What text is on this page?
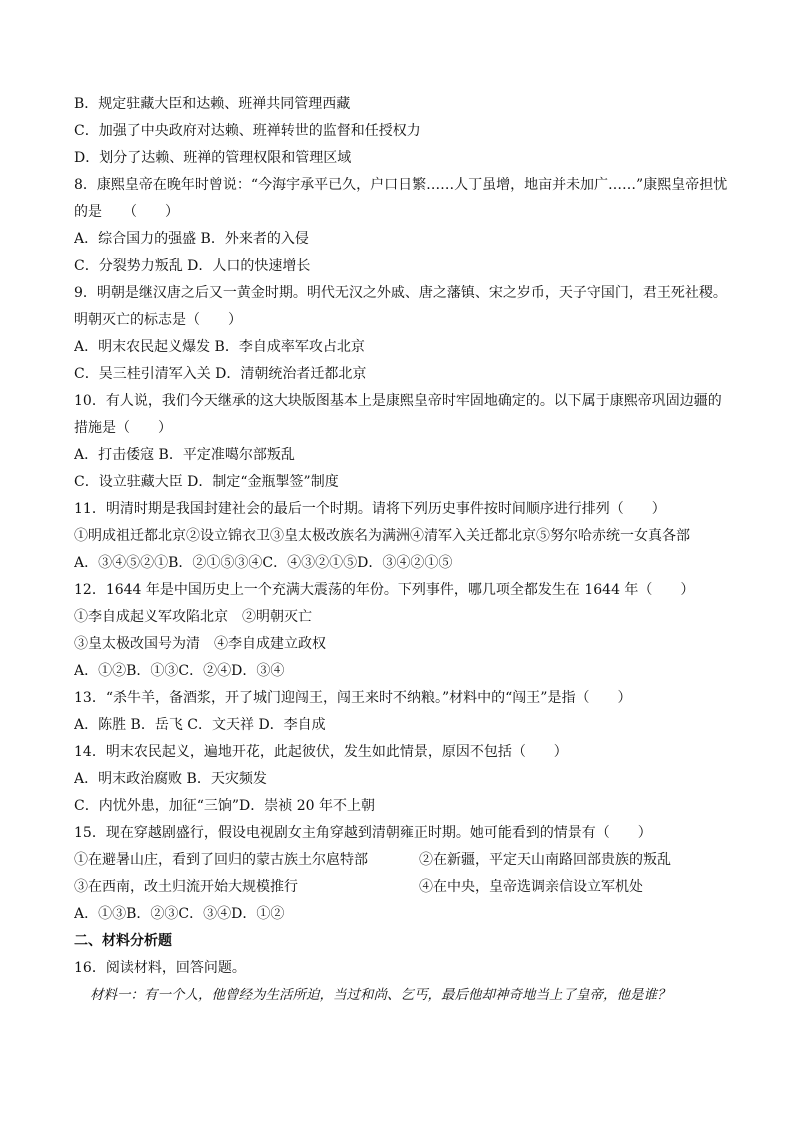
B．规定驻藏大臣和达赖、班禅共同管理西藏
C．加强了中央政府对达赖、班禅转世的监督和任授权力
D．划分了达赖、班禅的管理权限和管理区域
8．康熙皇帝在晚年时曾说：“今海宇承平已久，户口日繁……人丁虽增，地亩并未加广……”康熙皇帝担忧
的是　　（　　）
A．综合国力的强盛 B．外来者的入侵
C．分裂势力叛乱 D．人口的快速增长
9．明朝是继汉唐之后又一黄金时期。明代无汉之外戚、唐之藩镇、宋之岁币，天子守国门，君王死社稷。
明朝灭亡的标志是（　　）
A．明末农民起义爆发 B．李自成率军攻占北京
C．吴三桂引清军入关 D．清朝统治者迁都北京
10．有人说，我们今天继承的这大块版图基本上是康熙皇帝时牢固地确定的。以下属于康熙帝巩固边疆的
措施是（　　）
A．打击倭寇 B．平定准噶尔部叛乱
C．设立驻藏大臣 D．制定“金瓶掣签”制度
11．明清时期是我国封建社会的最后一个时期。请将下列历史事件按时间顺序进行排列（　　）
①明成祖迁都北京②设立锦衣卫③皇太极改族名为满洲④清军入关迁都北京⑤努尔哈赤统一女真各部
A．③④⑤②①B．②①⑤③④C．④③②①⑤D．③④②①⑤
12．1644 年是中国历史上一个充满大震荡的年份。下列事件，哪几项全都发生在 1644 年（　　）
①李自成起义军攻陷北京　②明朝灭亡
③皇太极改国号为清　④李自成建立政权
A．①②B．①③C．②④D．③④
13．“杀牛羊，备酒浆，开了城门迎闯王，闯王来时不纳粮。”材料中的“闯王”是指（　　）
A．陈胜 B．岳飞 C．文天祥 D．李自成
14．明末农民起义，遍地开花，此起彼伏，发生如此情景，原因不包括（　　）
A．明末政治腐败 B．天灾频发
C．内忧外患，加征“三饷”D．崇祯 20 年不上朝
15．现在穿越剧盛行，假设电视剧女主角穿越到清朝雍正时期。她可能看到的情景有（　　）
①在避暑山庄，看到了回归的蒙古族土尔扈特部	②在新疆，平定天山南路回部贵族的叛乱
③在西南，改土归流开始大规模推行	④在中央，皇帝选调亲信设立军机处
A．①③B．②③C．③④D．①②
二、材料分析题
16．阅读材料，回答问题。
材料一：有一个人，他曾经为生活所迫，当过和尚、乞丐，最后他却神奇地当上了皇帝，他是谁？
